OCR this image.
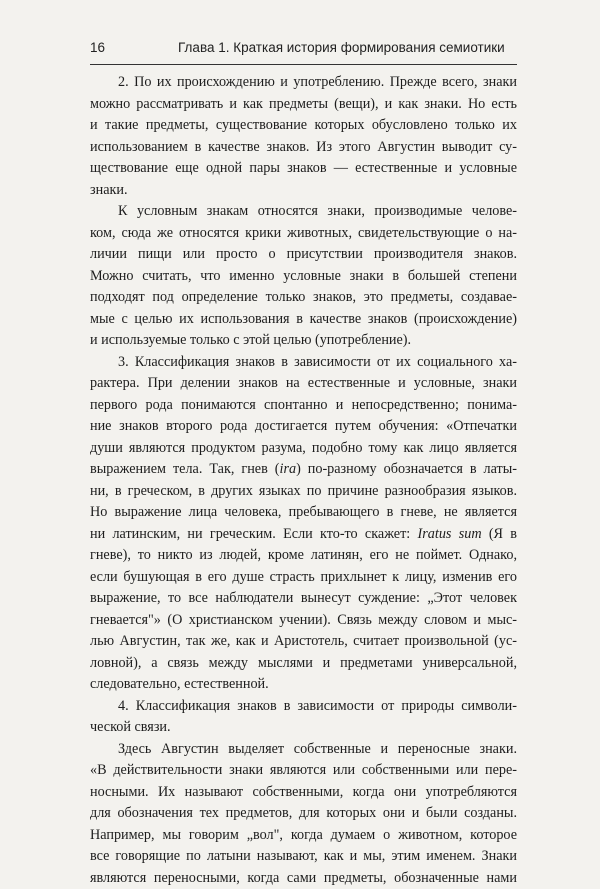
16	Глава 1. Краткая история формирования семиотики
2. По их происхождению и употреблению. Прежде всего, знаки
можно рассматривать и как предметы (вещи), и как знаки. Но есть
и такие предметы, существование которых обусловлено только их
использованием в качестве знаков. Из этого Августин выводит су-
ществование еще одной пары знаков — естественные и условные
знаки.
К условным знакам относятся знаки, производимые челове-
ком, сюда же относятся крики животных, свидетельствующие о на-
личии пищи или просто о присутствии производителя знаков.
Можно считать, что именно условные знаки в большей степени
подходят под определение только знаков, это предметы, создавае-
мые с целью их использования в качестве знаков (происхождение)
и используемые только с этой целью (употребление).
3. Классификация знаков в зависимости от их социального ха-
рактера. При делении знаков на естественные и условные, знаки
первого рода понимаются спонтанно и непосредственно; понима-
ние знаков второго рода достигается путем обучения: «Отпечатки
души являются продуктом разума, подобно тому как лицо является
выражением тела. Так, гнев (ira) по-разному обозначается в латы-
ни, в греческом, в других языках по причине разнообразия языков.
Но выражение лица человека, пребывающего в гневе, не является
ни латинским, ни греческим. Если кто-то скажет: Iratus sum (Я в
гневе), то никто из людей, кроме латинян, его не поймет. Однако,
если бушующая в его душе страсть прихлынет к лицу, изменив его
выражение, то все наблюдатели вынесут суждение: „Этот человек
гневается"» (О христианском учении). Связь между словом и мыс-
лью Августин, так же, как и Аристотель, считает произвольной (ус-
ловной), а связь между мыслями и предметами универсальной,
следовательно, естественной.
4. Классификация знаков в зависимости от природы символи-
ческой связи.
Здесь Августин выделяет собственные и переносные знаки.
«В действительности знаки являются или собственными или пере-
носными. Их называют собственными, когда они употребляются
для обозначения тех предметов, для которых они и были созданы.
Например, мы говорим „вол", когда думаем о животном, которое
все говорящие по латыни называют, как и мы, этим именем. Знаки
являются переносными, когда сами предметы, обозначенные нами
